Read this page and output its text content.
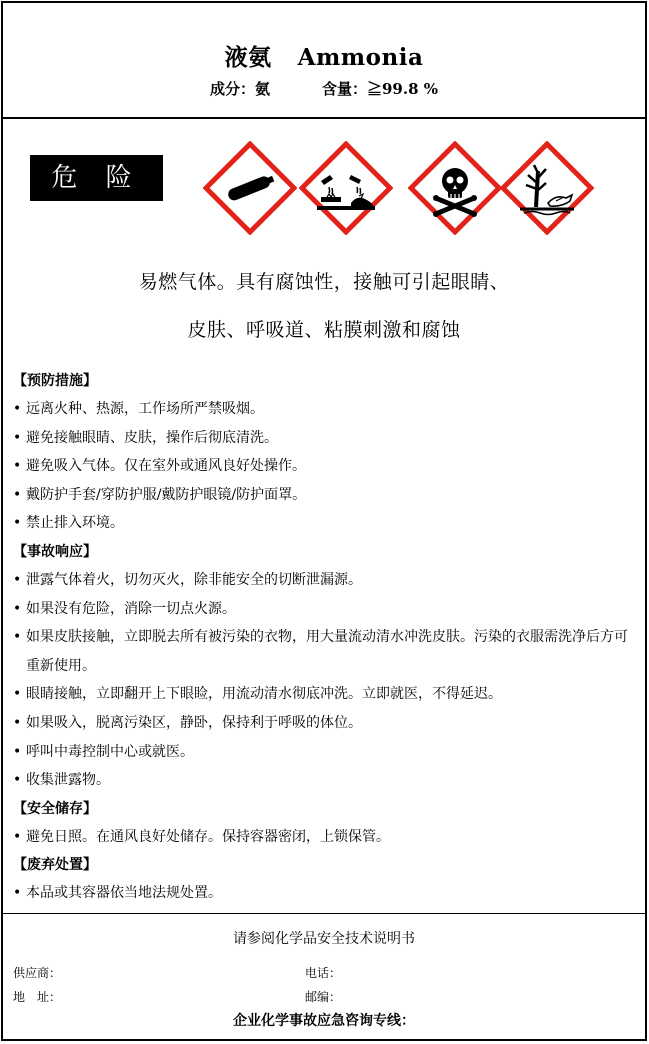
液氨 Ammonia
成分：氨	含量：≧99.8 %
危 险
易燃气体。具有腐蚀性，接触可引起眼睛、
皮肤、呼吸道、粘膜刺激和腐蚀
【预防措施】
• 远离火种、热源，工作场所严禁吸烟。
• 避免接触眼睛、皮肤，操作后彻底清洗。
• 避免吸入气体。仅在室外或通风良好处操作。
• 戴防护手套/穿防护服/戴防护眼镜/防护面罩。
• 禁止排入环境。
【事故响应】
• 泄露气体着火，切勿灭火，除非能安全的切断泄漏源。
• 如果没有危险，消除一切点火源。
• 如果皮肤接触，立即脱去所有被污染的衣物，用大量流动清水冲洗皮肤。污染的衣服需洗净后方可重新使用。
• 眼睛接触，立即翻开上下眼睑，用流动清水彻底冲洗。立即就医，不得延迟。
• 如果吸入，脱离污染区，静卧，保持利于呼吸的体位。
• 呼叫中毒控制中心或就医。
• 收集泄露物。
【安全储存】
• 避免日照。在通风良好处储存。保持容器密闭，上锁保管。
【废弃处置】
• 本品或其容器依当地法规处置。
请参阅化学品安全技术说明书
供应商：	电话：
地　址：	邮编：
企业化学事故应急咨询专线：
